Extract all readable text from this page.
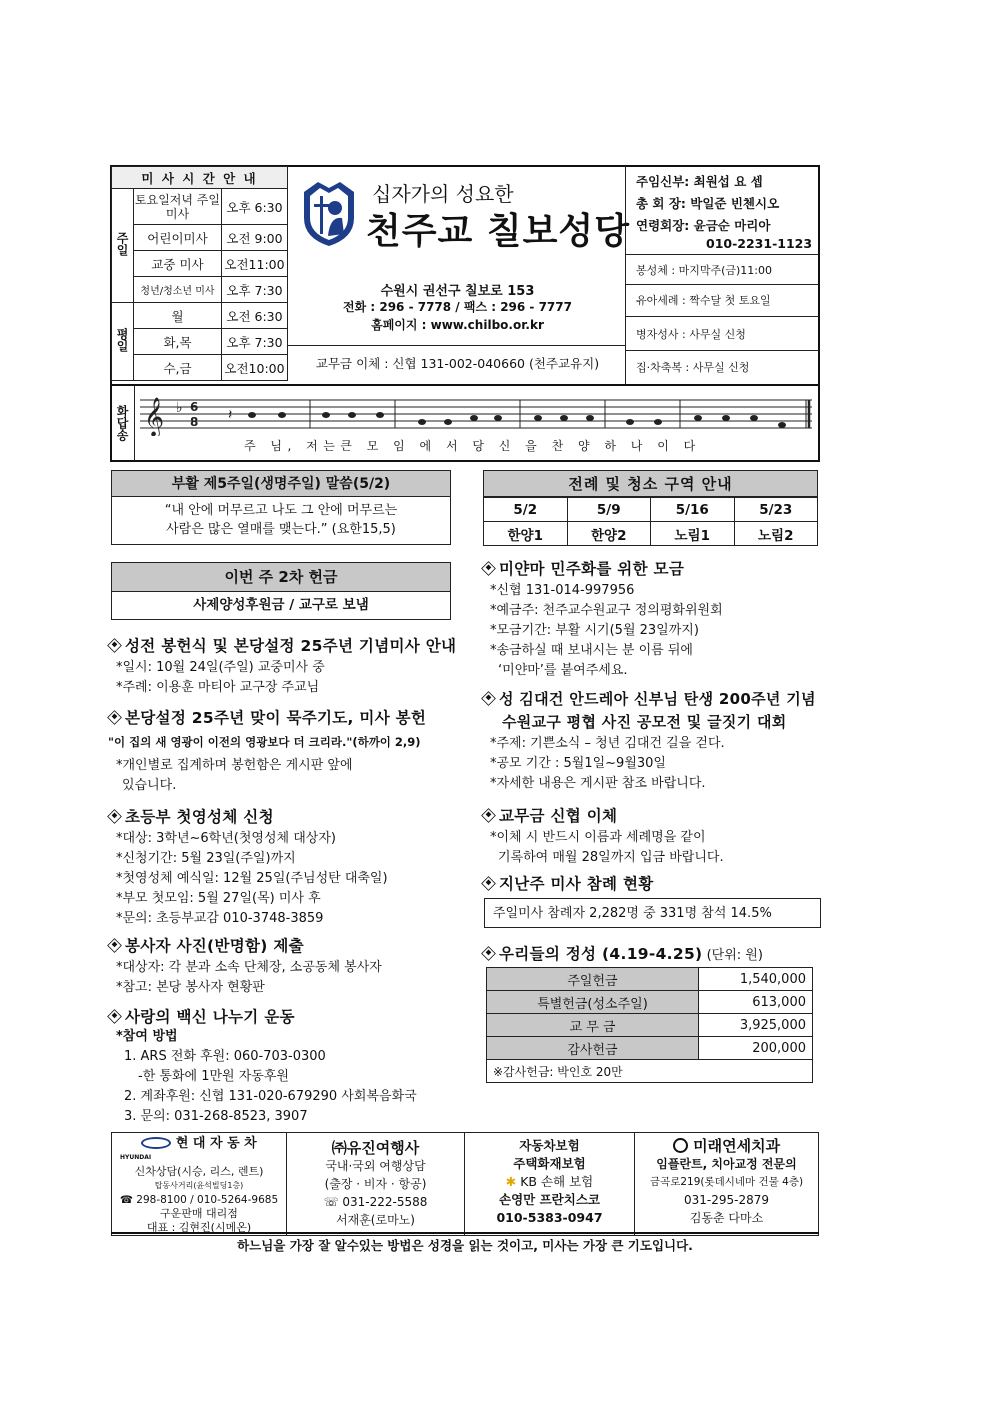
미 사 시 간 안 내		
주일	토요일저녁 주일미사	오후 6:30
	어린이미사	오전 9:00
	교중 미사	오전11:00
	청년/청소년 미사	오후 7:30
평일	월	오전 6:30
	화,목	오후 7:30
	수,금	오전10:00
십자가의 성요한
천주교 칠보성당
수원시 권선구 칠보로 153
전화 : 296 - 7778 / 팩스 : 296 - 7777
홈페이지 : www.chilbo.or.kr
교무금 이체 : 신협 131-002-040660 (천주교유지)
주임신부: 최원섭 요 셉
총 회 장: 박일준 빈첸시오
연령회장: 윤금순 마리아
010-2231-1123
봉성체 : 마지막주(금)11:00
유아세례 : 짝수달 첫 토요일
병자성사 : 사무실 신청
집·차축복 : 사무실 신청
화답송 𝄞 ♭ 6
8 𝄽
주 님, 저는큰 모 임 에 서 당 신 을 찬 양 하 나 이 다
부활 제5주일(생명주일) 말씀(5/2)
“내 안에 머무르고 나도 그 안에 머무르는
사람은 많은 열매를 맺는다.” (요한15,5)
전례 및 청소 구역 안내
5/2	5/9	5/16	5/23
한양1	한양2	노림1	노림2
이번 주 2차 헌금
사제양성후원금 / 교구로 보냄
성전 봉헌식 및 본당설정 25주년 기념미사 안내
*일시: 10월 24일(주일) 교중미사 중
*주례: 이용훈 마티아 교구장 주교님
본당설정 25주년 맞이 묵주기도, 미사 봉헌
"이 집의 새 영광이 이전의 영광보다 더 크리라."(하까이 2,9)
*개인별로 집계하며 봉헌함은 게시판 앞에
있습니다.
초등부 첫영성체 신청
*대상: 3학년~6학년(첫영성체 대상자)
*신청기간: 5월 23일(주일)까지
*첫영성체 예식일: 12월 25일(주님성탄 대축일)
*부모 첫모임: 5월 27일(목) 미사 후
*문의: 초등부교감 010-3748-3859
봉사자 사진(반명함) 제출
*대상자: 각 분과 소속 단체장, 소공동체 봉사자
*참고: 본당 봉사자 현황판
사랑의 백신 나누기 운동
*참여 방법
1. ARS 전화 후원: 060-703-0300
-한 통화에 1만원 자동후원
2. 계좌후원: 신협 131-020-679290 사회복음화국
3. 문의: 031-268-8523, 3907
미얀마 민주화를 위한 모금
*신협 131-014-997956
*예금주: 천주교수원교구 정의평화위원회
*모금기간: 부활 시기(5월 23일까지)
*송금하실 때 보내시는 분 이름 뒤에
‘미얀마’를 붙여주세요.
성 김대건 안드레아 신부님 탄생 200주년 기념
수원교구 평협 사진 공모전 및 글짓기 대회
*주제: 기쁜소식 – 청년 김대건 길을 걷다.
*공모 기간 : 5월1일~9월30일
*자세한 내용은 게시판 참조 바랍니다.
교무금 신협 이체
*이체 시 반드시 이름과 세례명을 같이
기록하여 매월 28일까지 입금 바랍니다.
지난주 미사 참례 현황
주일미사 참례자 2,282명 중 331명 참석 14.5%
우리들의 정성 (4.19-4.25) (단위: 원)
주일헌금	1,540,000
특별헌금(성소주일)	613,000
교 무 금	3,925,000
감사헌금	200,000
※감사헌금: 박인호 20만	
현 대 자 동 차
HYUNDAI
신차상담(시승, 리스, 렌트)
탑동사거리(윤석빌딩1층)
☎ 298-8100 / 010-5264-9685
구운판매 대리점
대표 : 김현진(시메온)

㈜유진여행사
국내·국외 여행상담
(출장 · 비자 · 항공)
☏ 031-222-5588
서재훈(로마노)

자동차보험
주택화재보험
✱ KB 손해 보험
손영만 프란치스코
010-5383-0947

미래연세치과
임플란트, 치아교정 전문의
금곡로219(롯데시네마 건물 4층)
031-295-2879
김동춘 다마소
하느님을 가장 잘 알수있는 방법은 성경을 읽는 것이고, 미사는 가장 큰 기도입니다.
